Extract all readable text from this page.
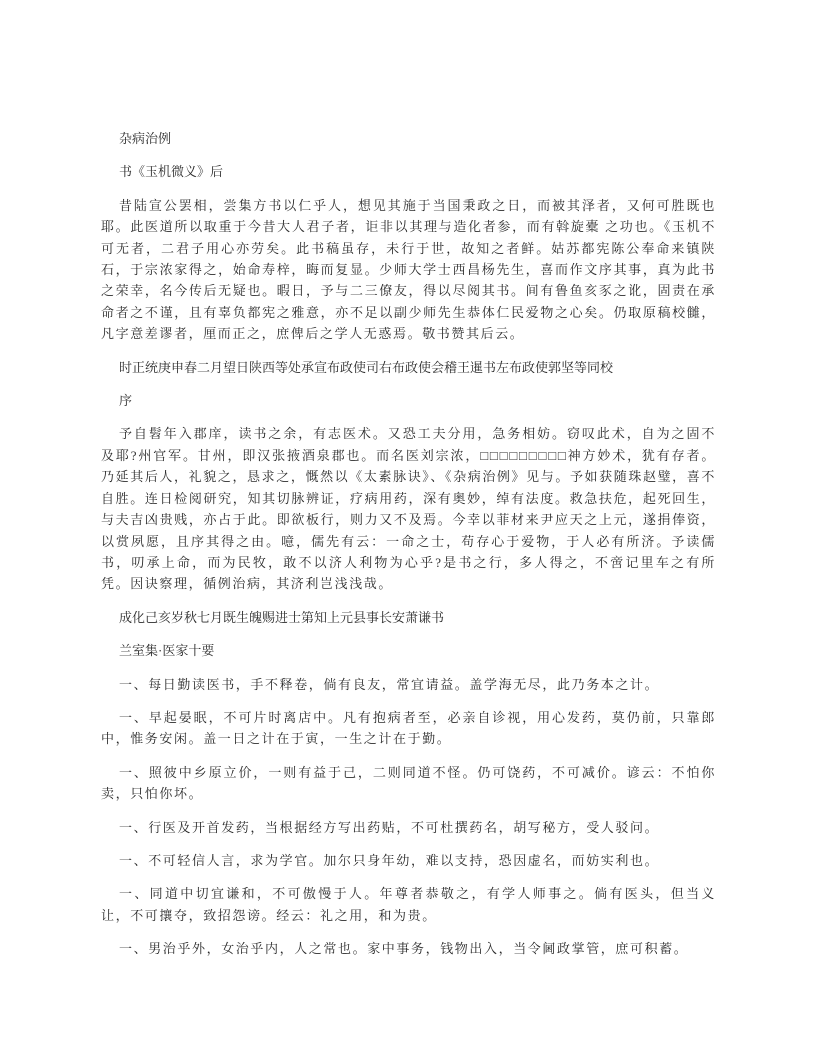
杂病治例

书《玉机微义》后

昔陆宣公罢相，尝集方书以仁乎人，想见其施于当国秉政之日，而被其泽者，又何可胜既也耶。此医道所以取重于今昔大人君子者，讵非以其理与造化者参，而有斡旋橐 之功也。《玉机不可无者，二君子用心亦劳矣。此书稿虽存，未行于世，故知之者鲜。姑苏都宪陈公奉命来镇陕石，于宗浓家得之，始命寿梓，晦而复显。少师大学士西昌杨先生，喜而作文序其事，真为此书之荣幸，名今传后无疑也。暇日，予与二三僚友，得以尽阅其书。间有鲁鱼亥豕之讹，固责在承命者之不谨，且有辜负都宪之雅意，亦不足以副少师先生恭体仁民爱物之心矣。仍取原稿校雠，凡字意差谬者，厘而正之，庶俾后之学人无惑焉。敬书赞其后云。

时正统庚申春二月望日陕西等处承宣布政使司右布政使会稽王暹书左布政使郭坚等同校

序

予自髫年入郡庠，读书之余，有志医术。又恐工夫分用，急务相妨。窃叹此术，自为之固不及耶?州官军。甘州，即汉张掖酒泉郡也。而名医刘宗浓，□□□□□□□□□神方妙术，犹有存者。乃延其后人，礼貌之，恳求之，慨然以《太素脉诀》、《杂病治例》见与。予如获随珠赵璧，喜不自胜。连日检阅研究，知其切脉辨证，疗病用药，深有奥妙，绰有法度。救急扶危，起死回生，与夫吉凶贵贱，亦占于此。即欲板行，则力又不及焉。今幸以菲材来尹应天之上元，遂捐俸资，以赏夙愿，且序其得之由。噫，儒先有云：一命之士，苟存心于爱物，于人必有所济。予读儒书，叨承上命，而为民牧，敢不以济人利物为心乎?是书之行，多人得之，不啻记里车之有所凭。因诀察理，循例治病，其济利岂浅浅哉。

成化己亥岁秋七月既生魄赐进士第知上元县事长安萧谦书

兰室集·医家十要

一、每日勤读医书，手不释卷，倘有良友，常宜请益。盖学海无尽，此乃务本之计。

一、早起晏眠，不可片时离店中。凡有抱病者至，必亲自诊视，用心发药，莫仍前，只靠郎中，惟务安闲。盖一日之计在于寅，一生之计在于勤。

一、照彼中乡原立价，一则有益于己，二则同道不怪。仍可饶药，不可减价。谚云：不怕你卖，只怕你坏。

一、行医及开首发药，当根据经方写出药贴，不可杜撰药名，胡写秘方，受人驳问。

一、不可轻信人言，求为学官。加尔只身年幼，难以支持，恐因虚名，而妨实利也。

一、同道中切宜谦和，不可傲慢于人。年尊者恭敬之，有学人师事之。倘有医头，但当义让，不可攘夺，致招怨谤。经云：礼之用，和为贵。

一、男治乎外，女治乎内，人之常也。家中事务，钱物出入，当令阃政掌管，庶可积蓄。
